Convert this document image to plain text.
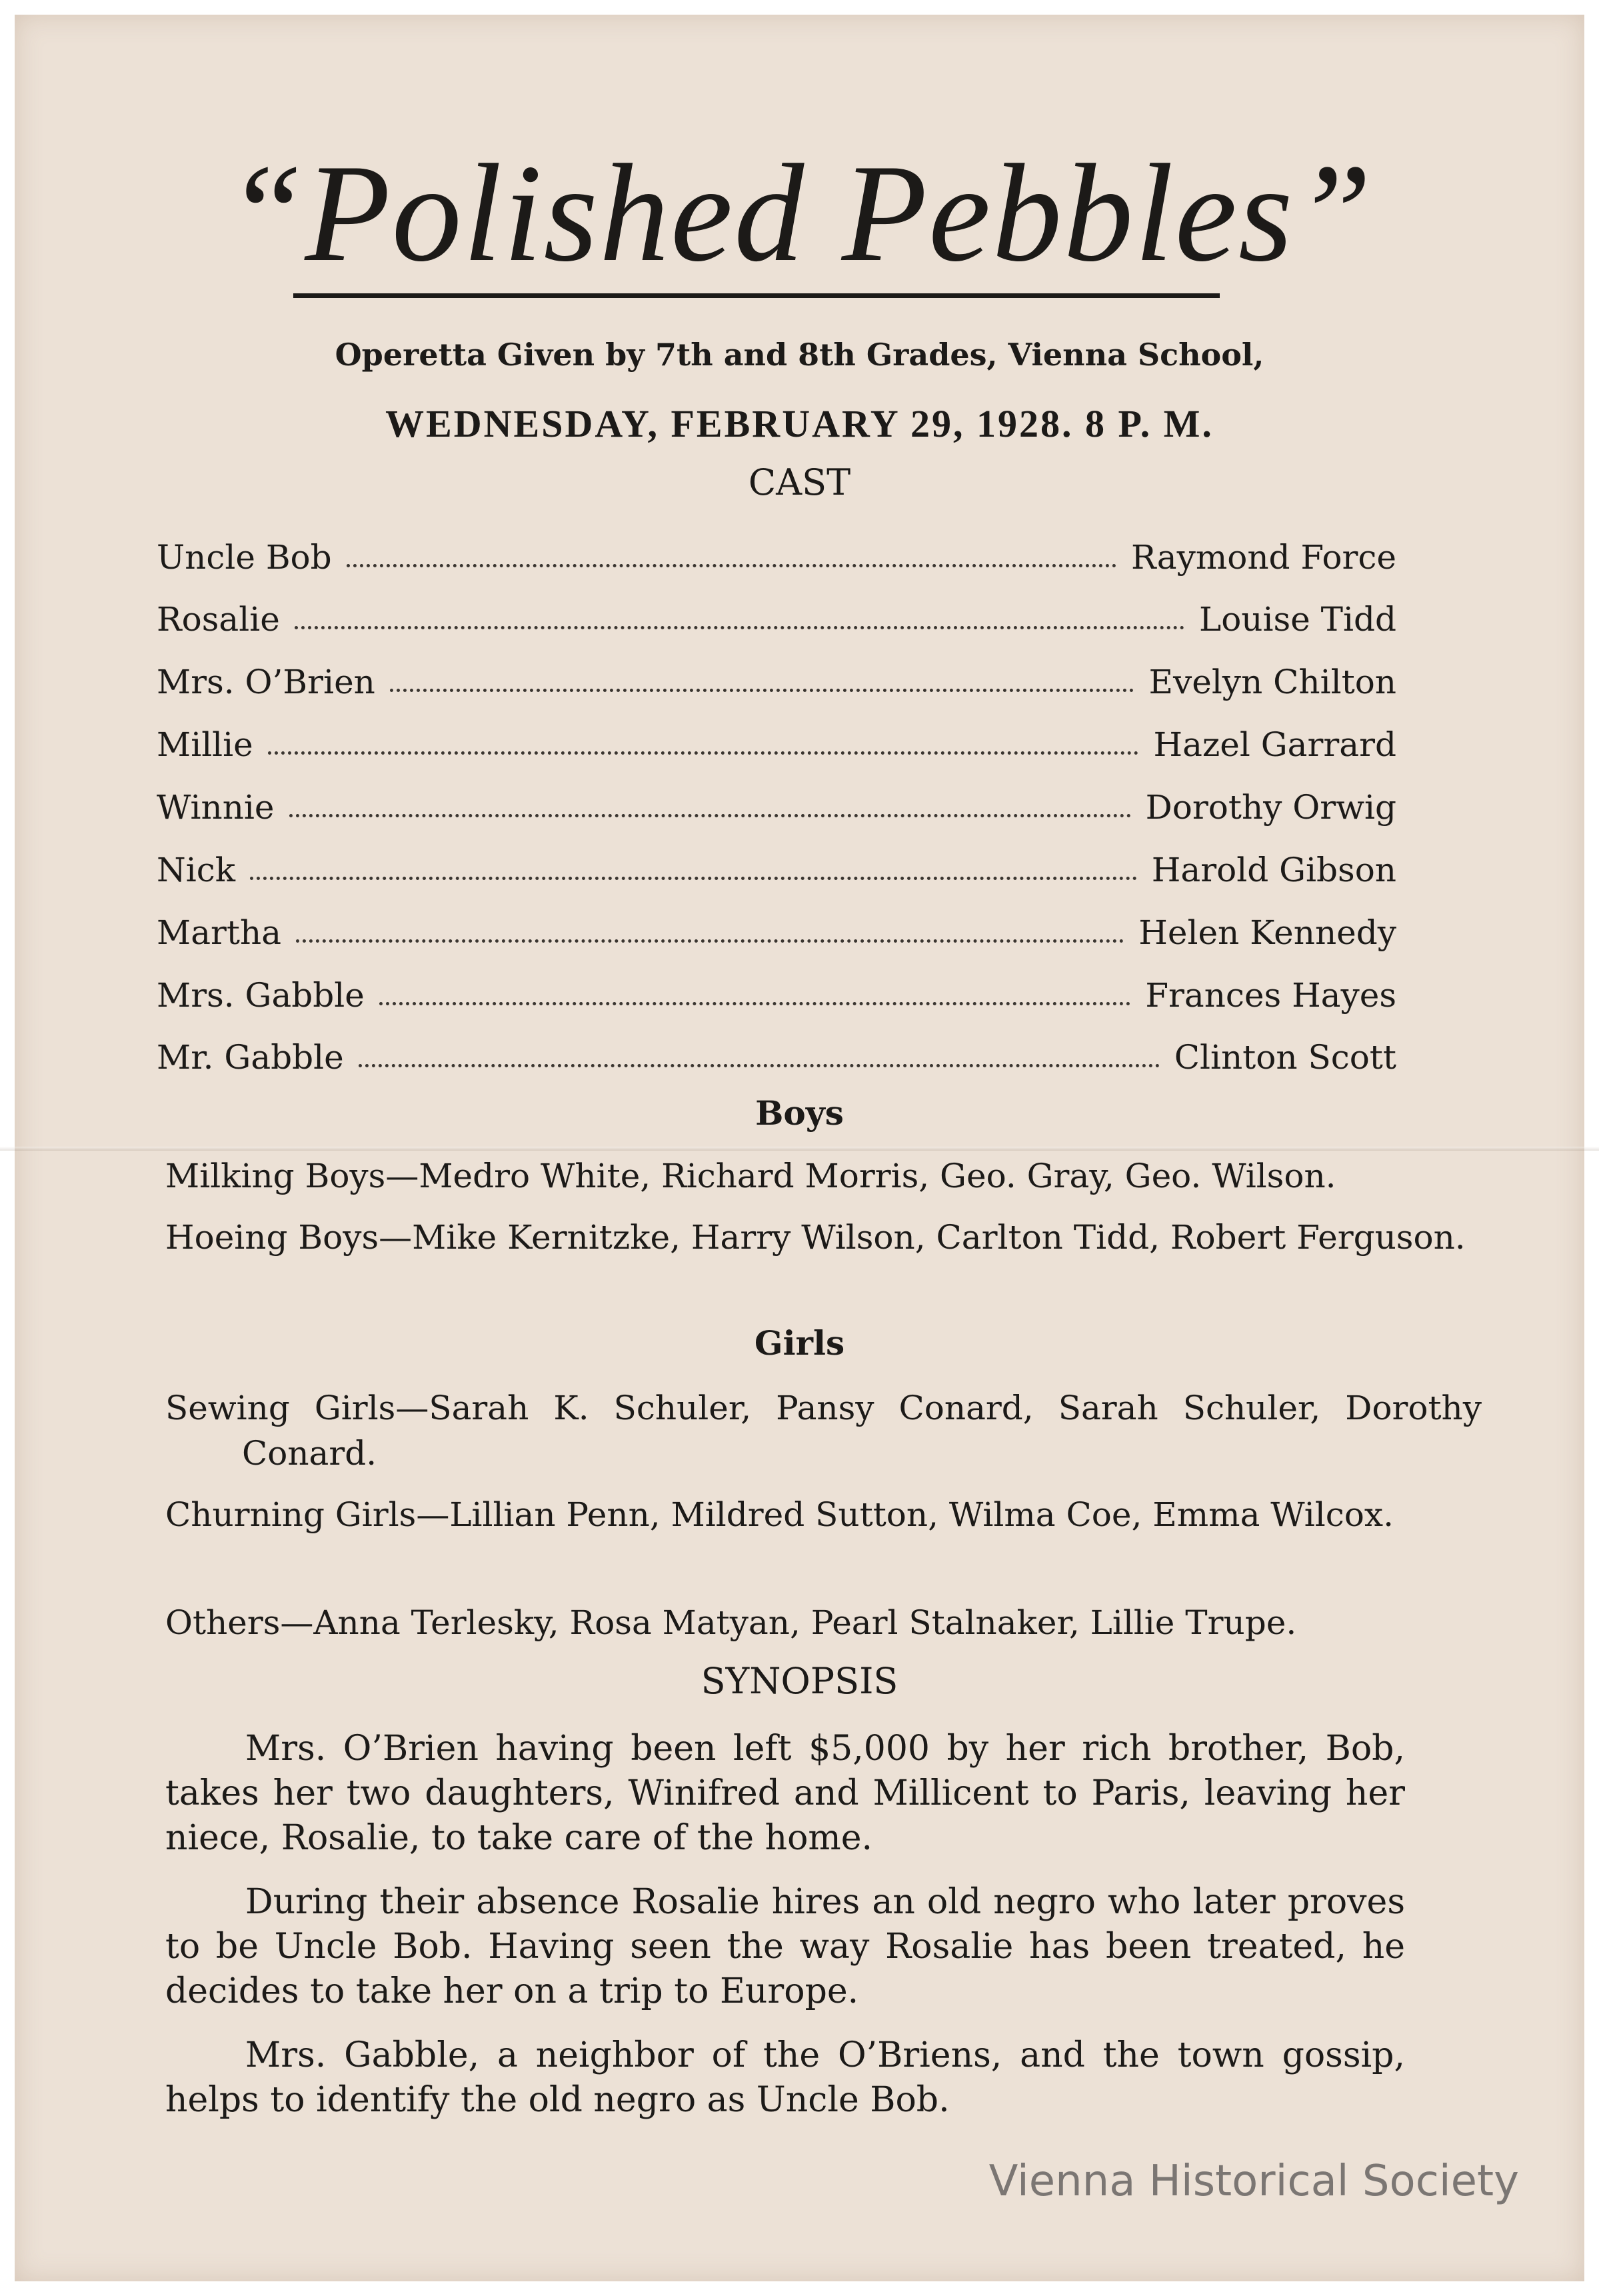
“Polished Pebbles”
Operetta Given by 7th and 8th Grades, Vienna School,
WEDNESDAY, FEBRUARY 29, 1928. 8 P. M.
CAST
Uncle Bob	Raymond Force
Rosalie	Louise Tidd
Mrs. O’Brien	Evelyn Chilton
Millie	Hazel Garrard
Winnie	Dorothy Orwig
Nick	Harold Gibson
Martha	Helen Kennedy
Mrs. Gabble	Frances Hayes
Mr. Gabble	Clinton Scott
Boys
Milking Boys—Medro White, Richard Morris, Geo. Gray, Geo. Wilson.
Hoeing Boys—Mike Kernitzke, Harry Wilson, Carlton Tidd, Robert Ferguson.
Girls
Sewing Girls—Sarah K. Schuler, Pansy Conard, Sarah Schuler, Dorothy Conard.
Churning Girls—Lillian Penn, Mildred Sutton, Wilma Coe, Emma Wilcox.
Others—Anna Terlesky, Rosa Matyan, Pearl Stalnaker, Lillie Trupe.
SYNOPSIS
Mrs. O’Brien having been left $5,000 by her rich brother, Bob, takes her two daughters, Winifred and Millicent to Paris, leaving her niece, Rosalie, to take care of the home.
During their absence Rosalie hires an old negro who later proves to be Uncle Bob. Having seen the way Rosalie has been treated, he decides to take her on a trip to Europe.
Mrs. Gabble, a neighbor of the O’Briens, and the town gossip, helps to identify the old negro as Uncle Bob.
Vienna Historical Society
